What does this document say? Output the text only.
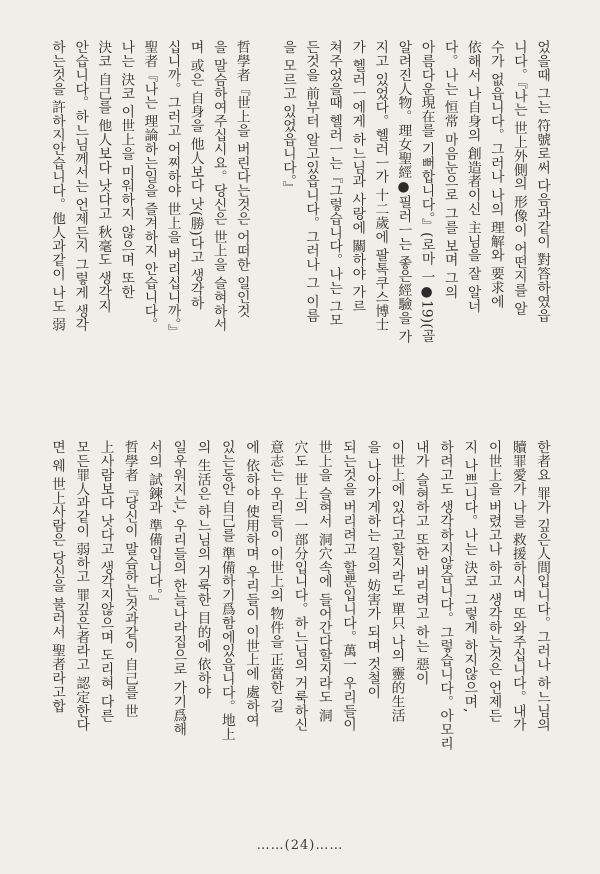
었을때 그는 符號로써 다음과같이 對答하였읍
니다。『나는 世上外側의 形像이 어떤지를 알
수가 없읍니다。그러나 나의 理解와 要求에
依해서 나自身의 創造者이신 主님을 잘 알너
다。나는 恒常 마음눈으로 그를 보며 그의
아름다운現在를 기뻐합니다。』(로마 一●19)(골
알려진人物。理女聖經●필러ㅡ는 좋은經驗을 가
지고 있었다。헬러ㅡ가 十二歲에 팔톡쿠스博士
가 헬러ㅡ에게 하느님과 사랑에 關하야 가르
쳐주었을때 헬러ㅡ는『그렇습니다。나는 그모
든것을 前부터 알고있읍니다。그러나 그 이름
을 모르고 있었읍니다。』
哲學者『世上을 버린다는것은 어떠한 일인것
을 말슴하여주십시요。당신은 世上을 슬혀하서
며 或은 自身을 他人보다 낫(勝)다고 생각하
십니까。그러고 어찌하야 世上을 버리십니까。』
聖者『나는 理論하는일을 즐겨하지 안습니다。
나는 決코 이世上을 미워하지 않으며 또한
決코 自己를 他人보다 낫다고 秋毫도 생각지
안습니다。하느님께서는 언제든지 그렇게 생각
하는것을 許하지안습니다。他人과같이 나도 弱
한者요 罪가 깊은人間입니다。그러나 하느님의
贖罪愛가 나를 救援하시며 또와주십니다。내가
이世上을 버렸고나 하고 생각하는것은 언제든
지 나쁘니다。나는 決코 그렇게 하지않으며,
하려고도 생각하지않습니다。그렇습니다。아모리
내가 슬혀하고 또한 버리려고 하는 惡이
이世上에 있다고할지라도 單只 나의 靈的生活
을 나아가게하는 길의 妨害가 되며 것철이
되는것을 버리려고 할뿐입니다。萬一 우리들이
世上을 슬혀서 洞穴속에 들어간다할지라도 洞
穴도 世上의 一部分입니다。하느님의 거룩하신
意志는 우리들이 이世上의 物件을 正當한 길
에 依하야 使用하며 우리들이 이世上에 處하여
있는동안 自己를 準備하기爲함에있읍니다。地上
의 生活은 하느님의 거룩한 目的에 依하야
일우워지는, 우리들의 한늘나라집으로 가기爲해
서의 試鍊과 準備입니다。』
哲學者『당신이 말슴하는것과같이 自己를 世
上사람보다 낫다고 생각지않으며 도리혀 다른
모든罪人과같이 弱하고 罪깊은者라고 認定한다
면 웨 世上사람은 당신을 불러서 聖者라고합
……(24)……
